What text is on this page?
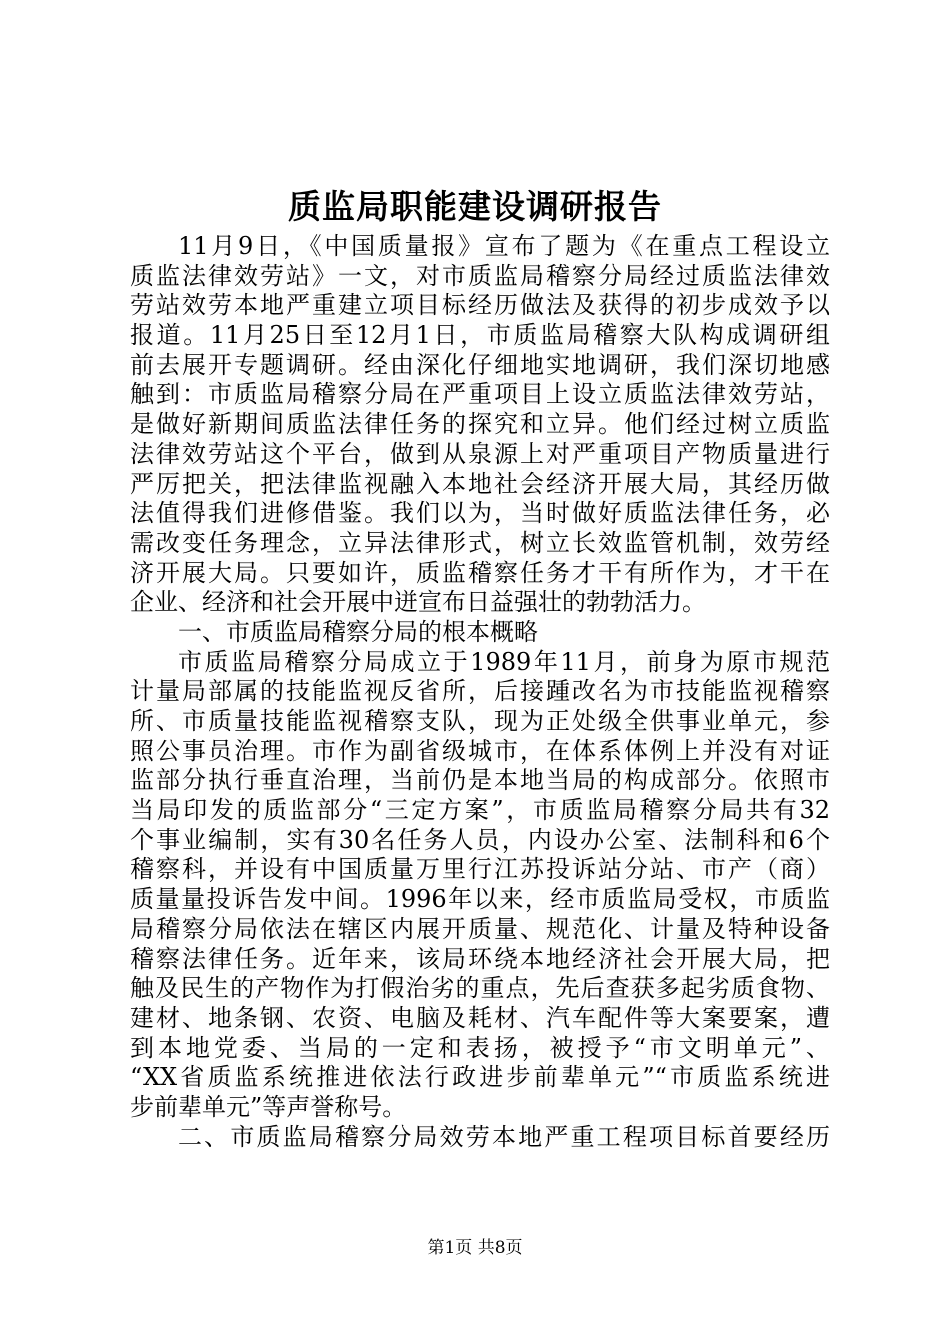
质监局职能建设调研报告
11月9日，《中国质量报》宣布了题为《在重点工程设立
质监法律效劳站》一文，对市质监局稽察分局经过质监法律效
劳站效劳本地严重建立项目标经历做法及获得的初步成效予以
报道。11月25日至12月1日，市质监局稽察大队构成调研组
前去展开专题调研。经由深化仔细地实地调研，我们深切地感
触到：市质监局稽察分局在严重项目上设立质监法律效劳站，
是做好新期间质监法律任务的探究和立异。他们经过树立质监
法律效劳站这个平台，做到从泉源上对严重项目产物质量进行
严厉把关，把法律监视融入本地社会经济开展大局，其经历做
法值得我们进修借鉴。我们以为，当时做好质监法律任务，必
需改变任务理念，立异法律形式，树立长效监管机制，效劳经
济开展大局。只要如许，质监稽察任务才干有所作为，才干在
企业、经济和社会开展中迸宣布日益强壮的勃勃活力。
一、市质监局稽察分局的根本概略
市质监局稽察分局成立于1989年11月，前身为原市规范
计量局部属的技能监视反省所，后接踵改名为市技能监视稽察
所、市质量技能监视稽察支队，现为正处级全供事业单元，参
照公事员治理。市作为副省级城市，在体系体例上并没有对证
监部分执行垂直治理，当前仍是本地当局的构成部分。依照市
当局印发的质监部分“三定方案”，市质监局稽察分局共有32
个事业编制，实有30名任务人员，内设办公室、法制科和6个
稽察科，并设有中国质量万里行江苏投诉站分站、市产（商）
质量量投诉告发中间。1996年以来，经市质监局受权，市质监
局稽察分局依法在辖区内展开质量、规范化、计量及特种设备
稽察法律任务。近年来，该局环绕本地经济社会开展大局，把
触及民生的产物作为打假治劣的重点，先后查获多起劣质食物、
建材、地条钢、农资、电脑及耗材、汽车配件等大案要案，遭
到本地党委、当局的一定和表扬，被授予“市文明单元”、
“XX省质监系统推进依法行政进步前辈单元”“市质监系统进
步前辈单元”等声誉称号。
二、市质监局稽察分局效劳本地严重工程项目标首要经历
第1页 共8页
